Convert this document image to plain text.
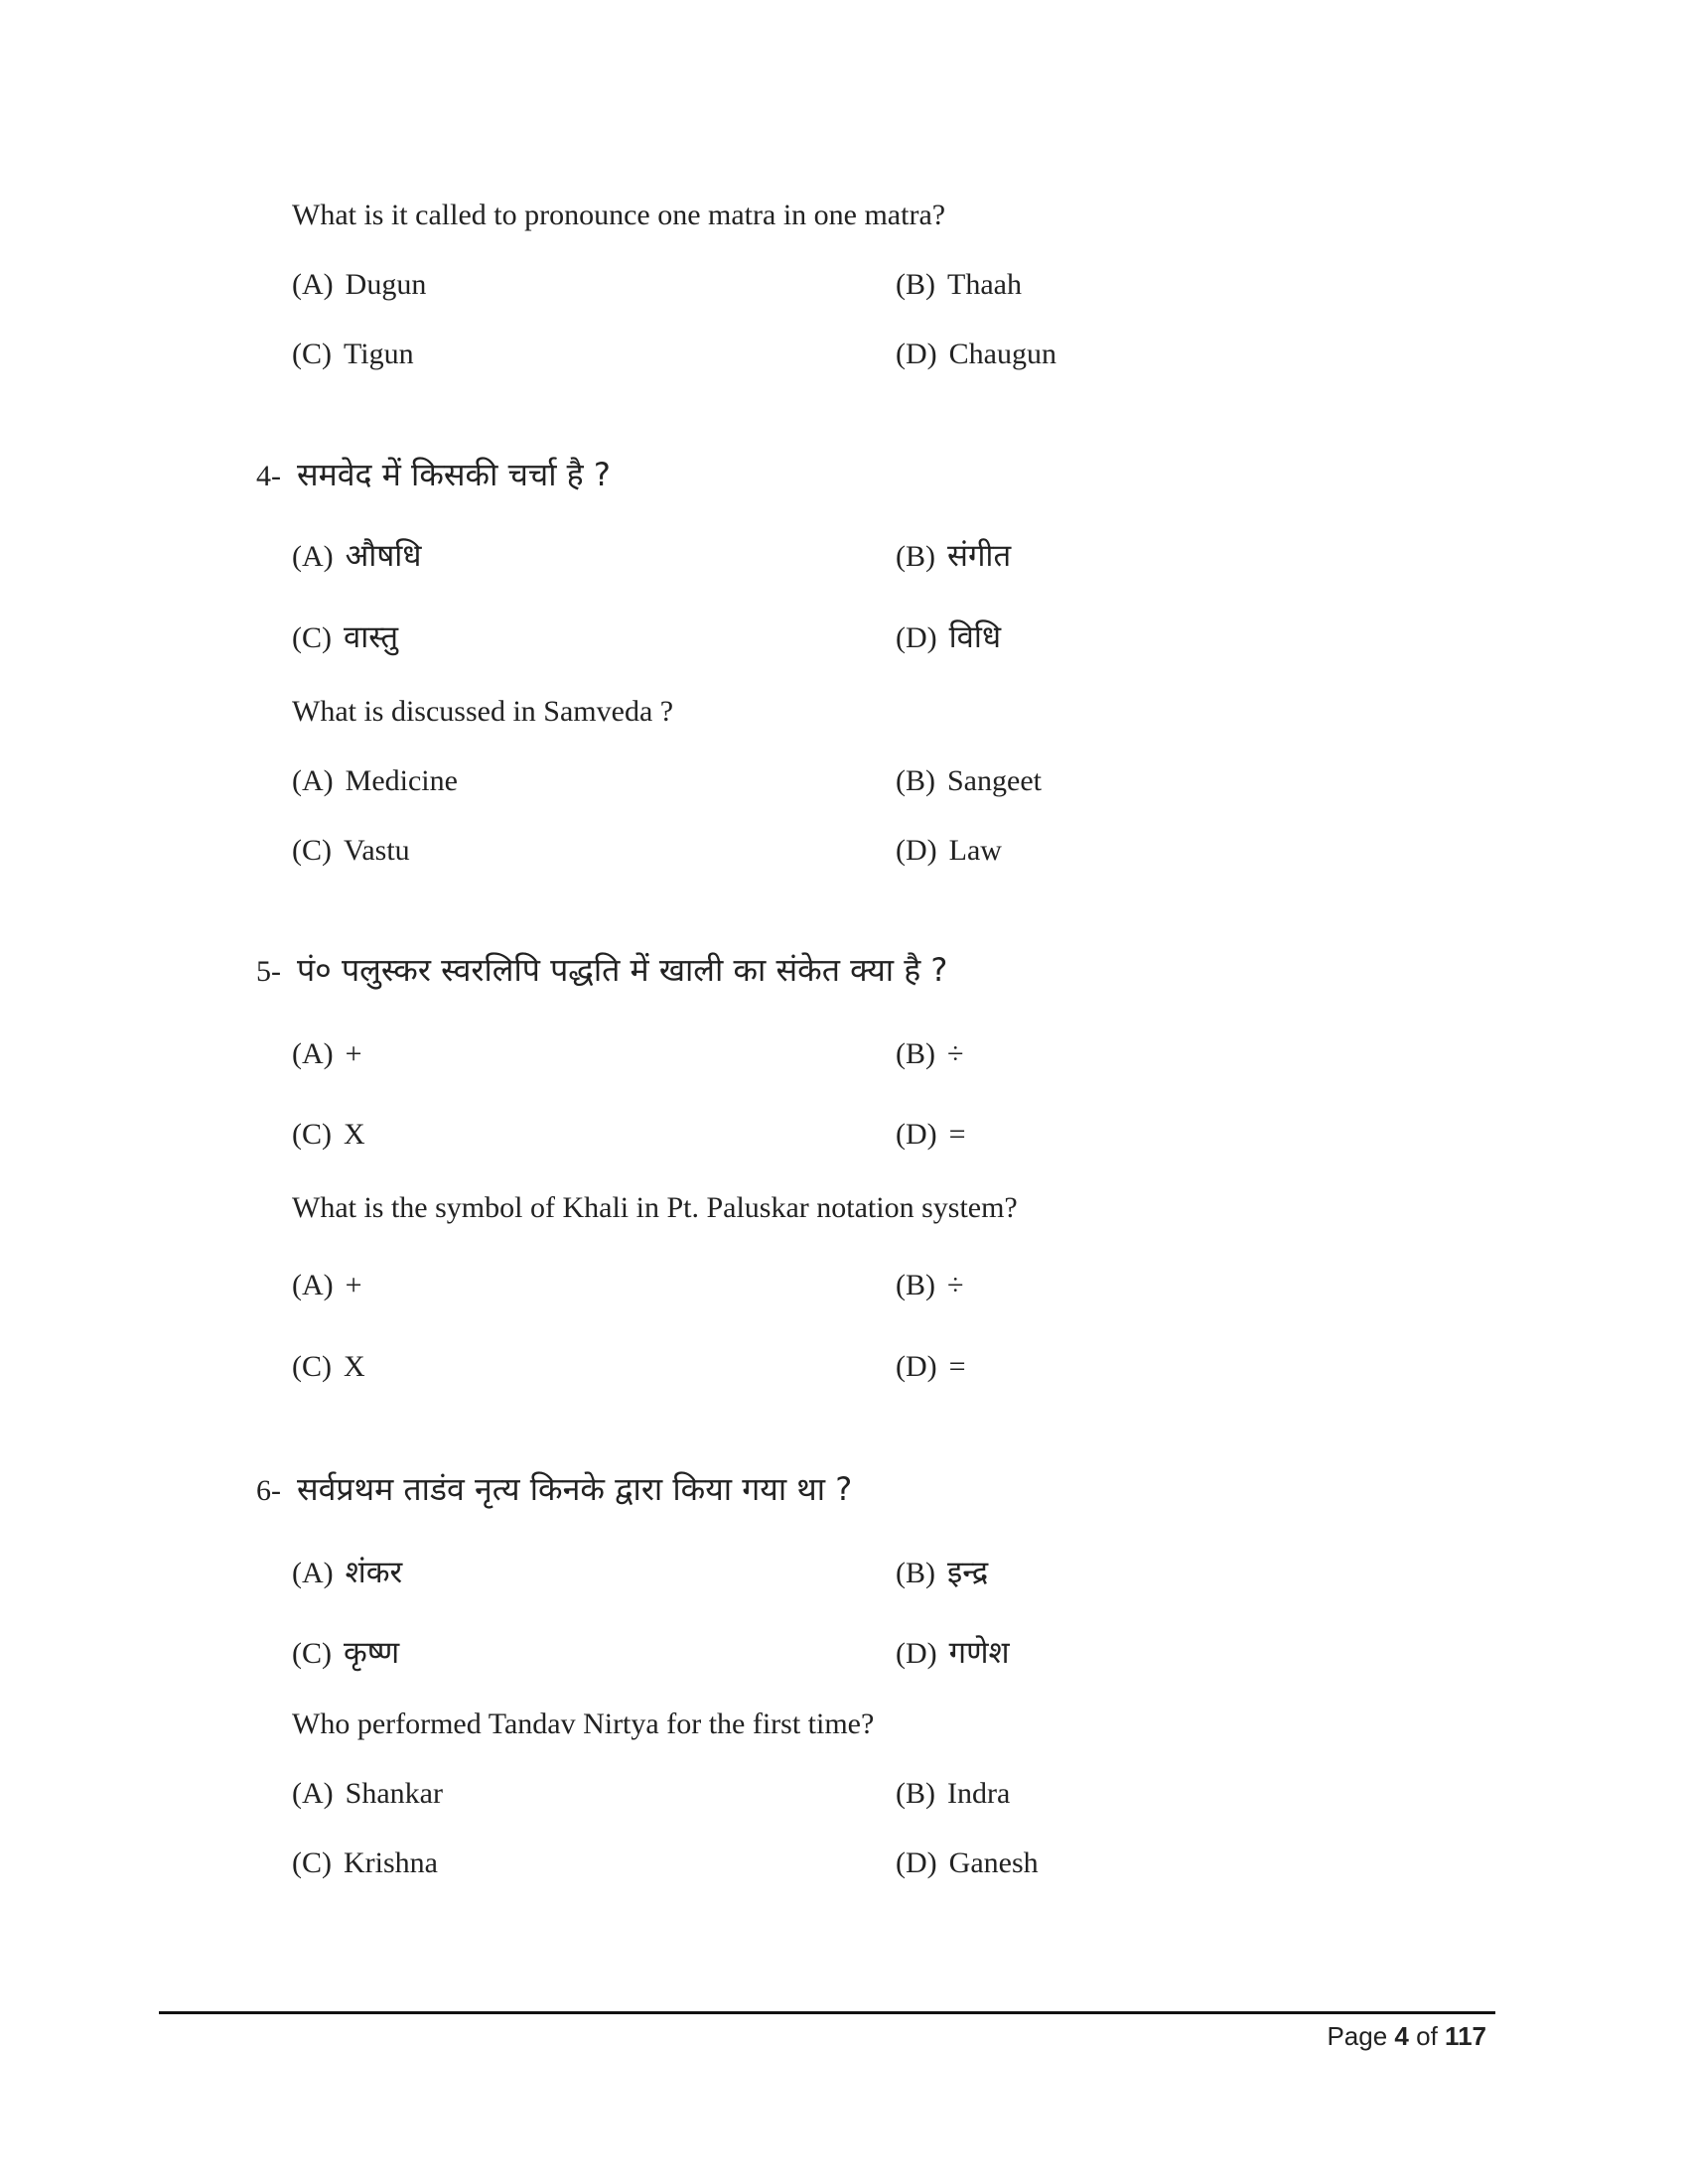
What is it called to pronounce one matra in one matra?
(A) Dugun	(B) Thaah
(C) Tigun	(D) Chaugun
4- समवेद में किसकी चर्चा है ?
(A) औषधि	(B) संगीत
(C) वास्तु	(D) विधि
What is discussed in Samveda ?
(A) Medicine	(B) Sangeet
(C) Vastu	(D) Law
5- पं० पलुस्कर स्वरलिपि पद्धति में खाली का संकेत क्या है ?
(A) +	(B) ÷
(C) X	(D) =
What is the symbol of Khali in Pt. Paluskar notation system?
(A) +	(B) ÷
(C) X	(D) =
6- सर्वप्रथम ताडंव नृत्य किनके द्वारा किया गया था ?
(A) शंकर	(B) इन्द्र
(C) कृष्ण	(D) गणेश
Who performed Tandav Nirtya for the first time?
(A) Shankar	(B) Indra
(C) Krishna	(D) Ganesh
Page 4 of 117
